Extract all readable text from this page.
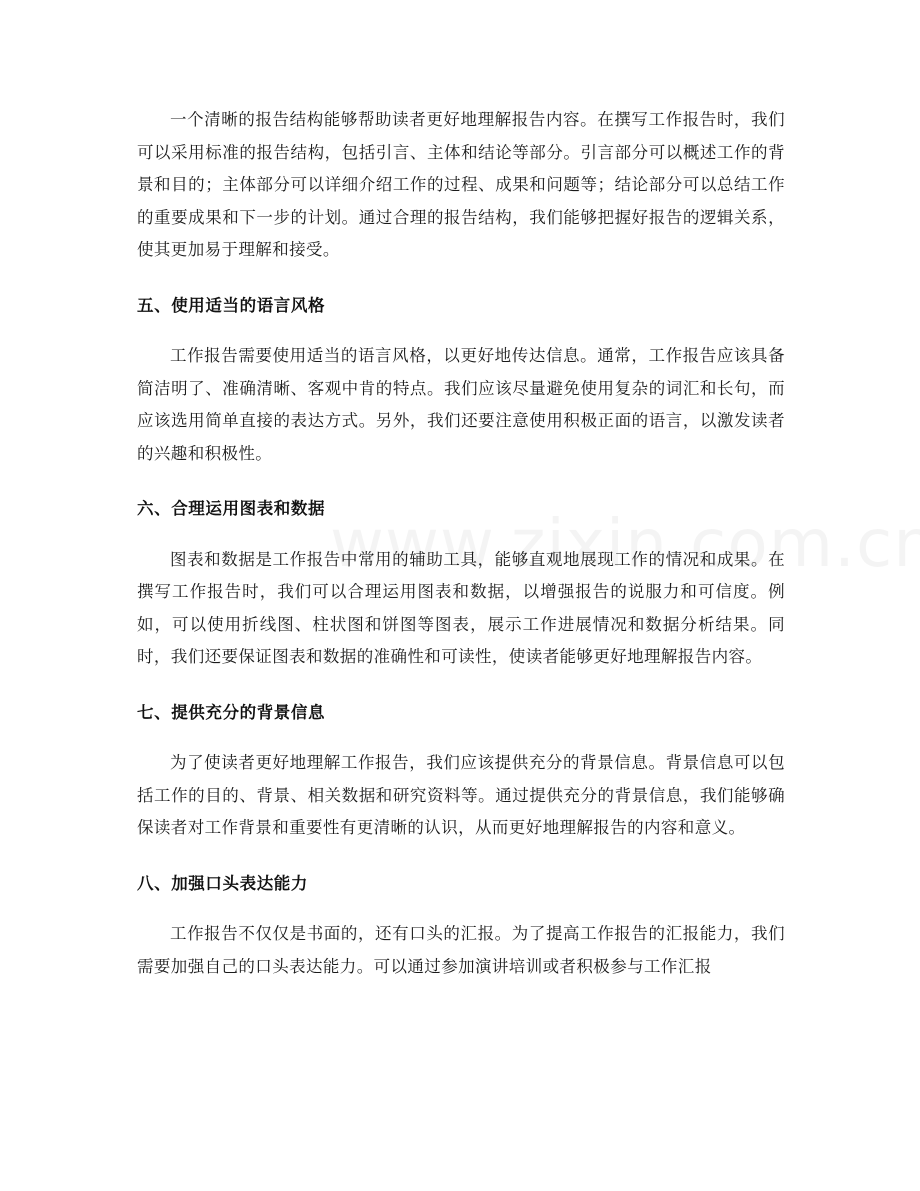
一个清晰的报告结构能够帮助读者更好地理解报告内容。在撰写工作报告时，我们可以采用标准的报告结构，包括引言、主体和结论等部分。引言部分可以概述工作的背景和目的；主体部分可以详细介绍工作的过程、成果和问题等；结论部分可以总结工作的重要成果和下一步的计划。通过合理的报告结构，我们能够把握好报告的逻辑关系，使其更加易于理解和接受。

五、使用适当的语言风格

工作报告需要使用适当的语言风格，以更好地传达信息。通常，工作报告应该具备简洁明了、准确清晰、客观中肯的特点。我们应该尽量避免使用复杂的词汇和长句，而应该选用简单直接的表达方式。另外，我们还要注意使用积极正面的语言，以激发读者的兴趣和积极性。

六、合理运用图表和数据

图表和数据是工作报告中常用的辅助工具，能够直观地展现工作的情况和成果。在撰写工作报告时，我们可以合理运用图表和数据，以增强报告的说服力和可信度。例如，可以使用折线图、柱状图和饼图等图表，展示工作进展情况和数据分析结果。同时，我们还要保证图表和数据的准确性和可读性，使读者能够更好地理解报告内容。

七、提供充分的背景信息

为了使读者更好地理解工作报告，我们应该提供充分的背景信息。背景信息可以包括工作的目的、背景、相关数据和研究资料等。通过提供充分的背景信息，我们能够确保读者对工作背景和重要性有更清晰的认识，从而更好地理解报告的内容和意义。

八、加强口头表达能力

工作报告不仅仅是书面的，还有口头的汇报。为了提高工作报告的汇报能力，我们需要加强自己的口头表达能力。可以通过参加演讲培训或者积极参与工作汇报
